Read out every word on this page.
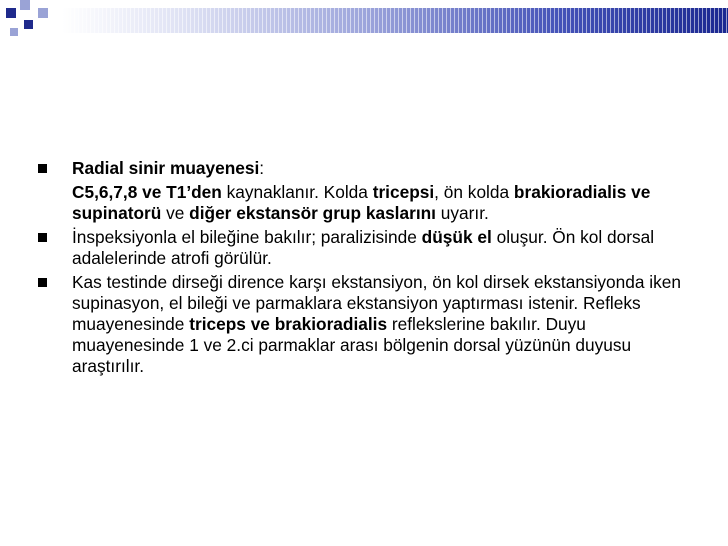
Radial sinir muayenesi:
C5,6,7,8 ve T1’den kaynaklanır. Kolda tricepsi, ön kolda brakioradialis ve supinatorü ve diğer ekstansör grup kaslarını uyarır.
İnspeksiyonla el bileğine bakılır; paralizisinde düşük el oluşur. Ön kol dorsal adalelerinde atrofi görülür.
Kas testinde dirseği dirence karşı ekstansiyon, ön kol dirsek ekstansiyonda iken supinasyon, el bileği ve parmaklara ekstansiyon yaptırması istenir. Refleks muayenesinde triceps ve brakioradialis reflekslerine bakılır. Duyu muayenesinde 1 ve 2.ci parmaklar arası bölgenin dorsal yüzünün duyusu araştırılır.
